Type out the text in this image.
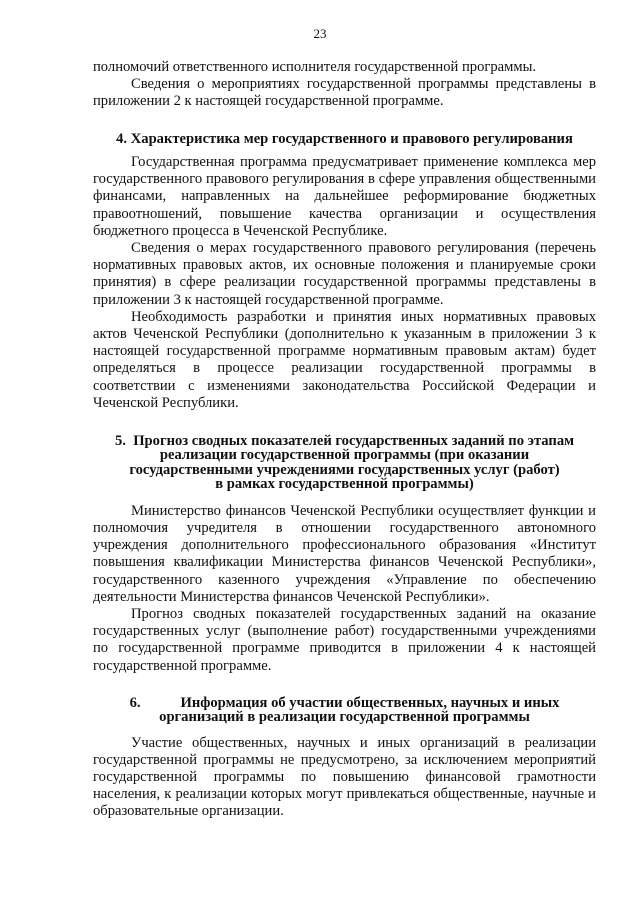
23

полномочий ответственного исполнителя государственной программы.

Сведения о мероприятиях государственной программы представлены в приложении 2 к настоящей государственной программе.

4. Характеристика мер государственного и правового регулирования

Государственная программа предусматривает применение комплекса мер государственного правового регулирования в сфере управления общественными финансами, направленных на дальнейшее реформирование бюджетных правоотношений, повышение качества организации и осуществления бюджетного процесса в Чеченской Республике.

Сведения о мерах государственного правового регулирования (перечень нормативных правовых актов, их основные положения и планируемые сроки принятия) в сфере реализации государственной программы представлены в приложении 3 к настоящей государственной программе.

Необходимость разработки и принятия иных нормативных правовых актов Чеченской Республики (дополнительно к указанным в приложении 3 к настоящей государственной программе нормативным правовым актам) будет определяться в процессе реализации государственной программы в соответствии с изменениями законодательства Российской Федерации и Чеченской Республики.

5. Прогноз сводных показателей государственных заданий по этапам
реализации государственной программы (при оказании
государственными учреждениями государственных услуг (работ)
в рамках государственной программы)

Министерство финансов Чеченской Республики осуществляет функции и полномочия учредителя в отношении государственного автономного учреждения дополнительного профессионального образования «Институт повышения квалификации Министерства финансов Чеченской Республики», государственного казенного учреждения «Управление по обеспечению деятельности Министерства финансов Чеченской Республики».

Прогноз сводных показателей государственных заданий на оказание государственных услуг (выполнение работ) государственными учреждениями по государственной программе приводится в приложении 4 к настоящей государственной программе.

6.	Информация об участии общественных, научных и иных
организаций в реализации государственной программы

Участие общественных, научных и иных организаций в реализации государственной программы не предусмотрено, за исключением мероприятий государственной программы по повышению финансовой грамотности населения, к реализации которых могут привлекаться общественные, научные и образовательные организации.
